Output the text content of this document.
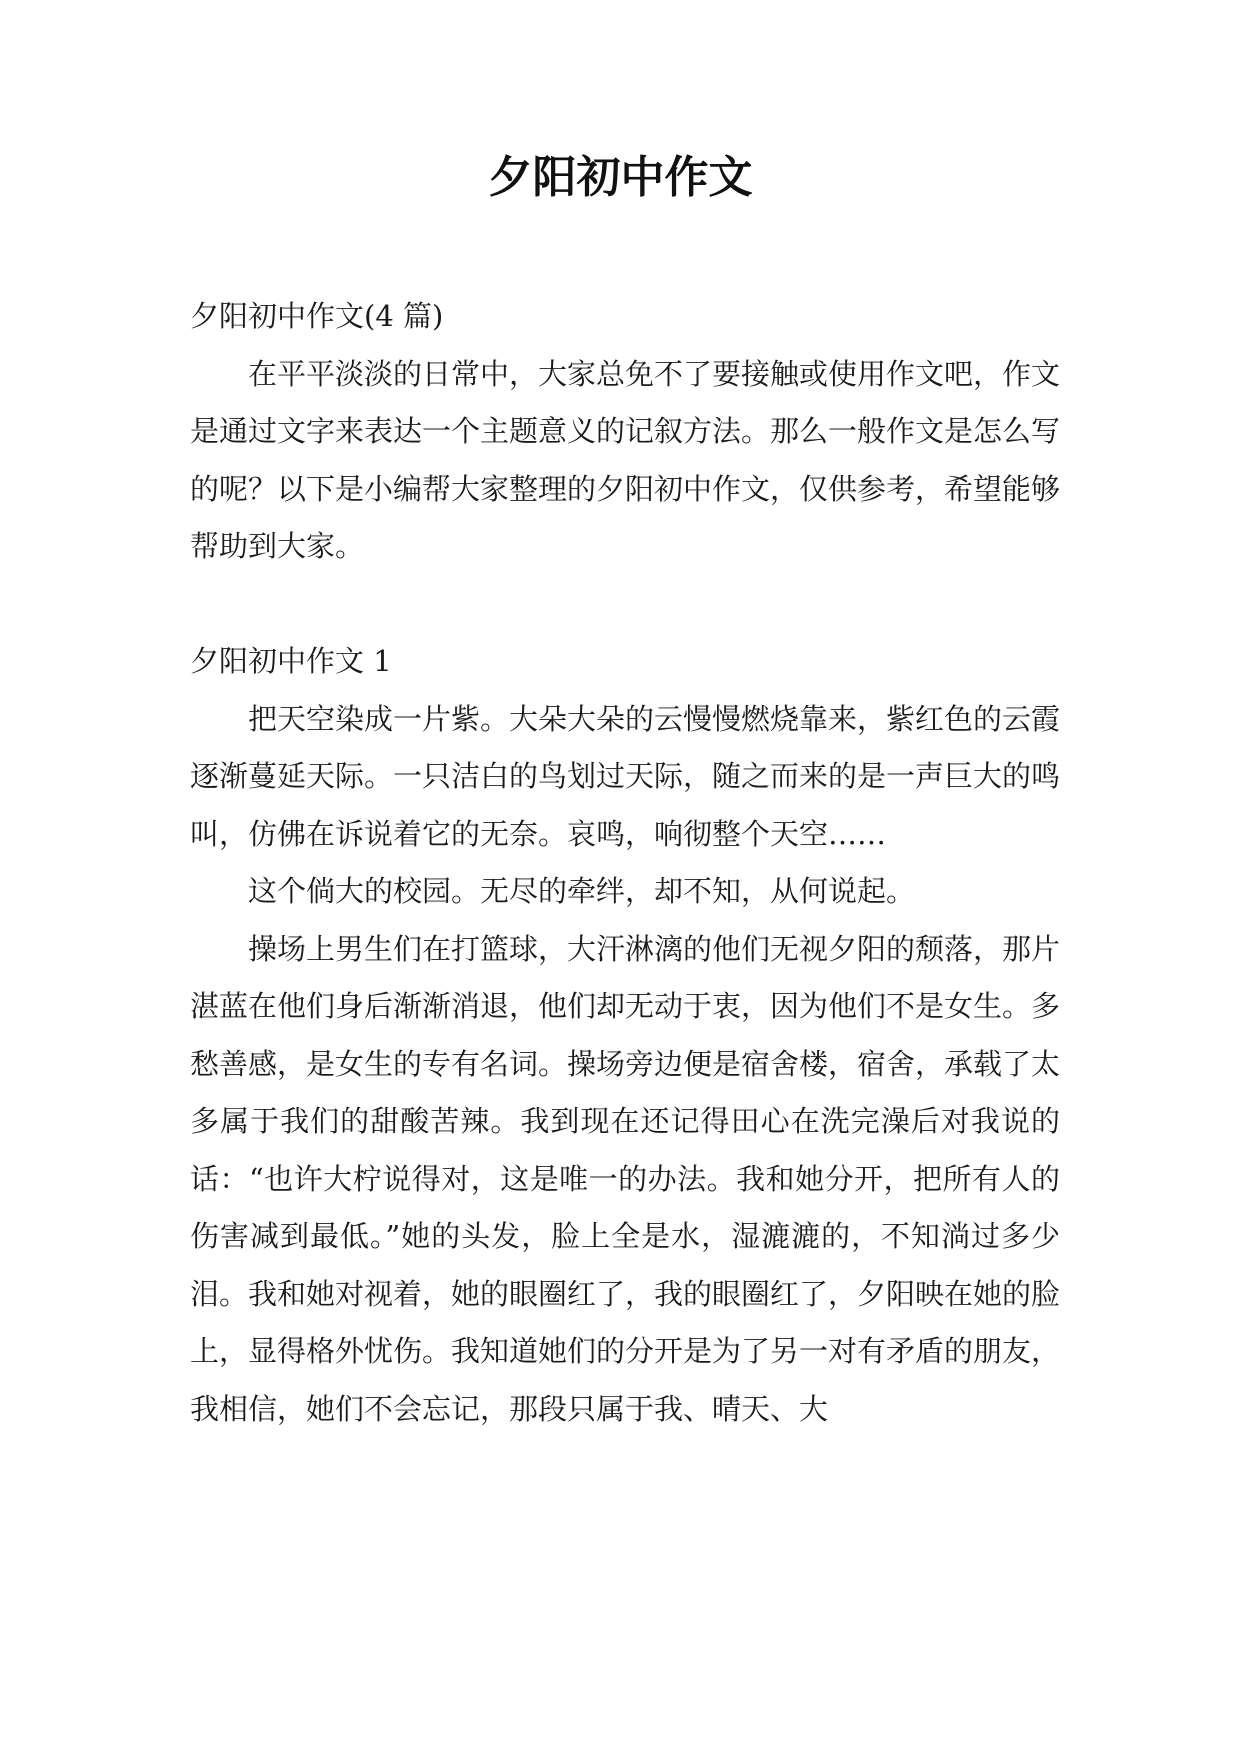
夕阳初中作文

夕阳初中作文(4 篇)

在平平淡淡的日常中，大家总免不了要接触或使用作文吧，作文是通过文字来表达一个主题意义的记叙方法。那么一般作文是怎么写的呢？以下是小编帮大家整理的夕阳初中作文，仅供参考，希望能够帮助到大家。

夕阳初中作文 1

把天空染成一片紫。大朵大朵的云慢慢燃烧靠来，紫红色的云霞逐渐蔓延天际。一只洁白的鸟划过天际，随之而来的是一声巨大的鸣叫，仿佛在诉说着它的无奈。哀鸣，响彻整个天空……

这个倘大的校园。无尽的牵绊，却不知，从何说起。

操场上男生们在打篮球，大汗淋漓的他们无视夕阳的颓落，那片湛蓝在他们身后渐渐消退，他们却无动于衷，因为他们不是女生。多愁善感，是女生的专有名词。操场旁边便是宿舍楼，宿舍，承载了太多属于我们的甜酸苦辣。我到现在还记得田心在洗完澡后对我说的话：“也许大柠说得对，这是唯一的办法。我和她分开，把所有人的伤害减到最低。”她的头发，脸上全是水，湿漉漉的，不知淌过多少泪。我和她对视着，她的眼圈红了，我的眼圈红了，夕阳映在她的脸上，显得格外忧伤。我知道她们的分开是为了另一对有矛盾的朋友，我相信，她们不会忘记，那段只属于我、晴天、大
